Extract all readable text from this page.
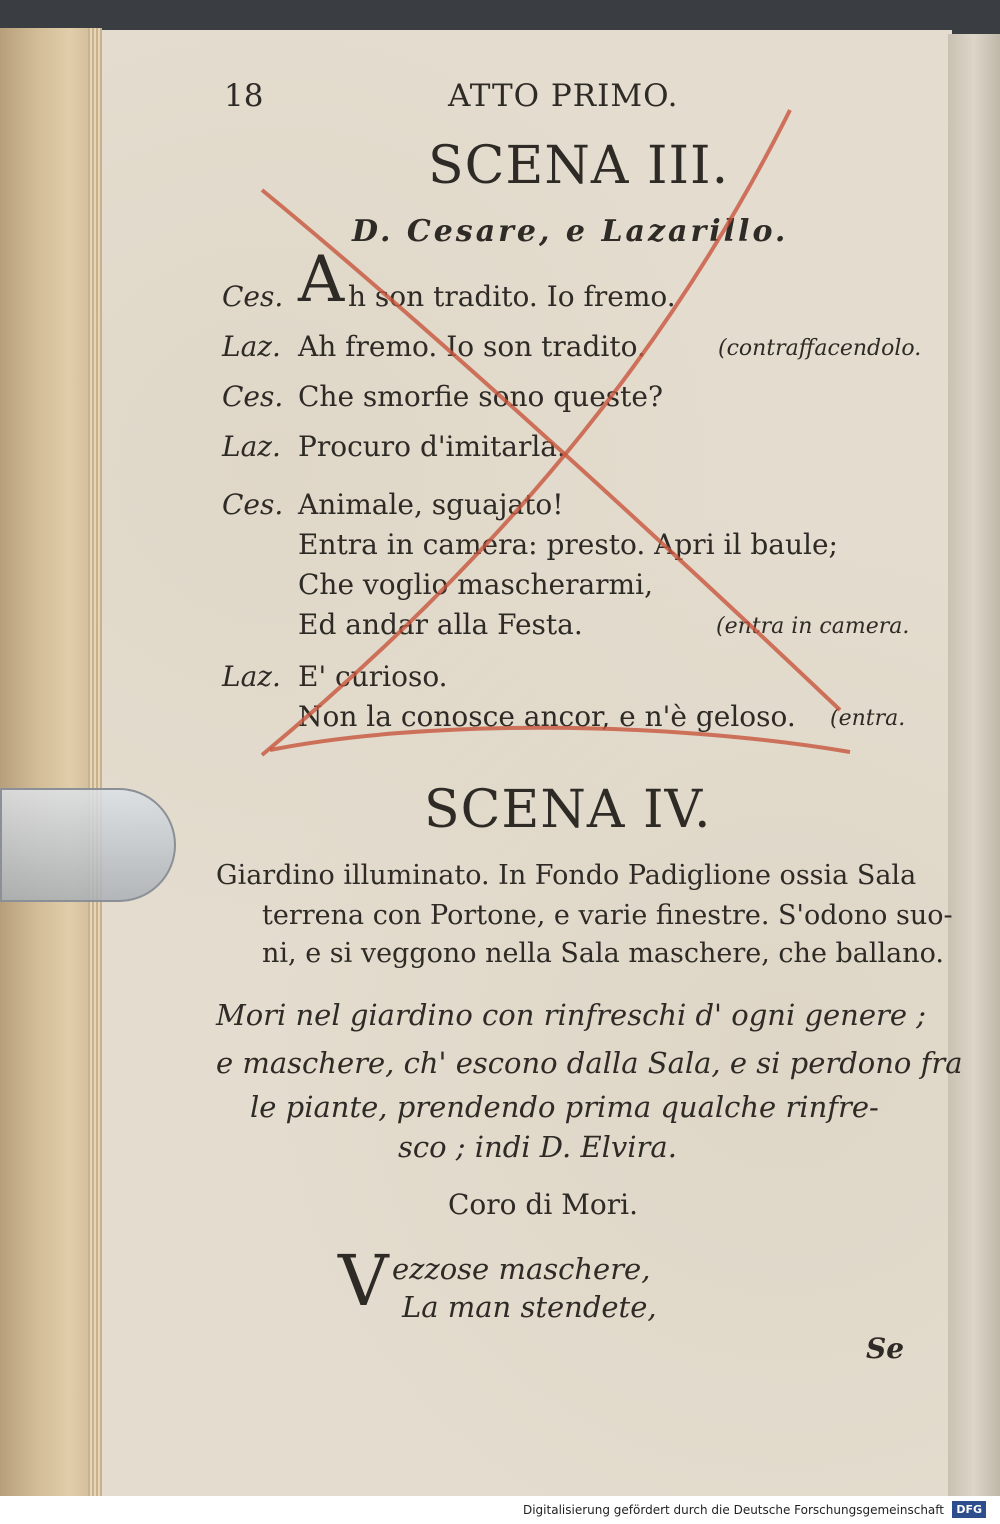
18	ATTO PRIMO.
SCENA III.
D. Cesare, e Lazarillo.
Ces. A h son tradito. Io fremo.
Laz. Ah fremo. Io son tradito.	(contraffacendolo.
Ces. Che smorfie sono queste?
Laz. Procuro d'imitarla.
Ces. Animale, sguajato!
Entra in camera: presto. Apri il baule;
Che voglio mascherarmi,
Ed andar alla Festa.	(entra in camera.
Laz. E' curioso.
Non la conosce ancor, e n'è geloso. (entra.
SCENA IV.
Giardino illuminato. In Fondo Padiglione ossia Sala
terrena con Portone, e varie finestre. S'odono suo-
ni, e si veggono nella Sala maschere, che ballano.
Mori nel giardino con rinfreschi d' ogni genere ;
e maschere, ch' escono dalla Sala, e si perdono fra
le piante, prendendo prima qualche rinfre-
sco ; indi D. Elvira.
Coro di Mori.
V ezzose maschere,
La man stendete,
Se
Digitalisierung gefördert durch die Deutsche Forschungsgemeinschaft	DFG
